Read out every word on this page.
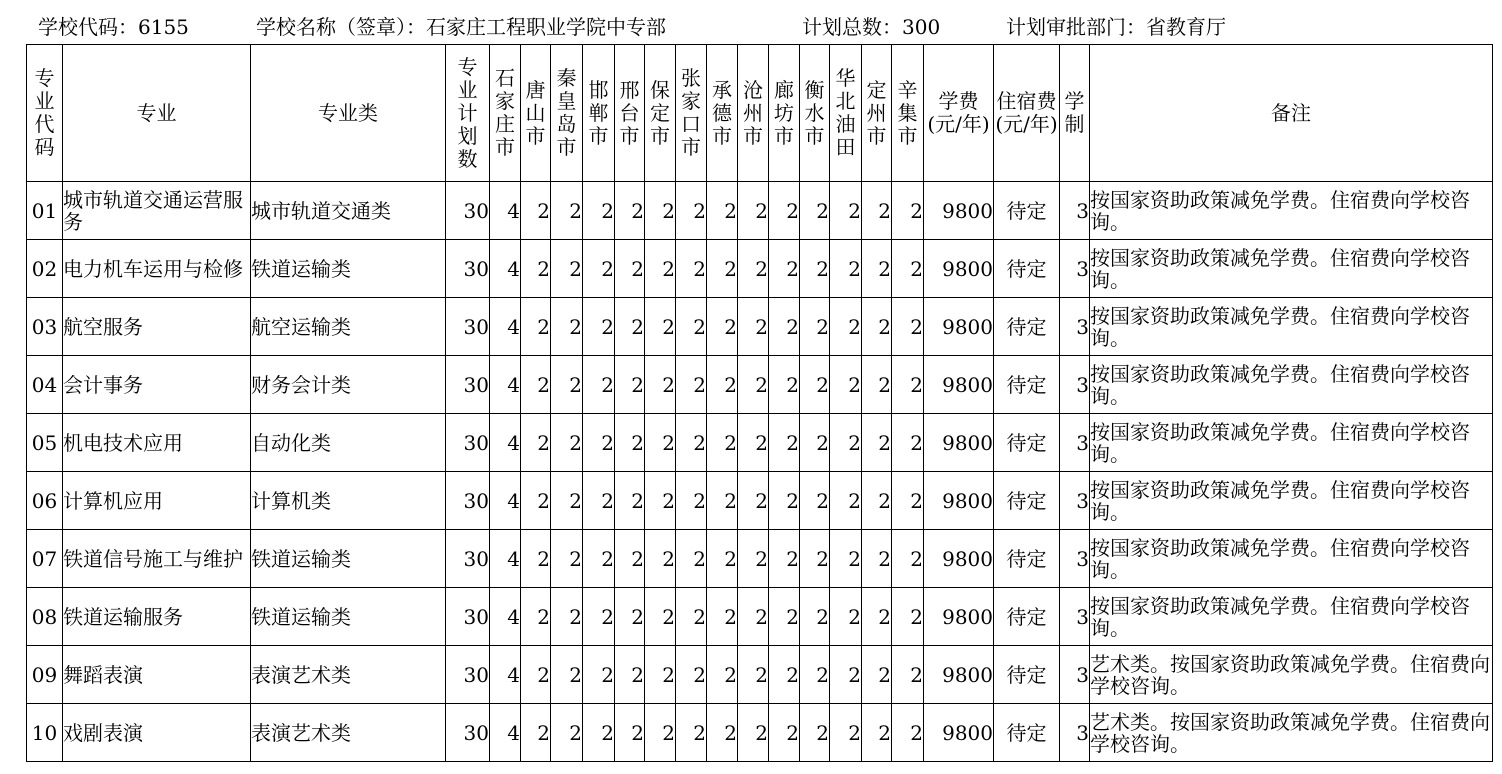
学校代码：6155	学校名称（签章）：石家庄工程职业学院中专部	计划总数：300	计划审批部门：省教育厅
专业代码	专业	专业类	专业计划数	石家庄市	唐山市	秦皇岛市	邯郸市	邢台市	保定市	张家口市	承德市	沧州市	廊坊市	衡水市	华北油田	定州市	辛集市	学费(元/年)	住宿费(元/年)	学制	备注
01	城市轨道交通运营服务	城市轨道交通类	30	4	2	2	2	2	2	2	2	2	2	2	2	2	2	9800	待定	3	按国家资助政策减免学费。住宿费向学校咨询。
02	电力机车运用与检修	铁道运输类	30	4	2	2	2	2	2	2	2	2	2	2	2	2	2	9800	待定	3	按国家资助政策减免学费。住宿费向学校咨询。
03	航空服务	航空运输类	30	4	2	2	2	2	2	2	2	2	2	2	2	2	2	9800	待定	3	按国家资助政策减免学费。住宿费向学校咨询。
04	会计事务	财务会计类	30	4	2	2	2	2	2	2	2	2	2	2	2	2	2	9800	待定	3	按国家资助政策减免学费。住宿费向学校咨询。
05	机电技术应用	自动化类	30	4	2	2	2	2	2	2	2	2	2	2	2	2	2	9800	待定	3	按国家资助政策减免学费。住宿费向学校咨询。
06	计算机应用	计算机类	30	4	2	2	2	2	2	2	2	2	2	2	2	2	2	9800	待定	3	按国家资助政策减免学费。住宿费向学校咨询。
07	铁道信号施工与维护	铁道运输类	30	4	2	2	2	2	2	2	2	2	2	2	2	2	2	9800	待定	3	按国家资助政策减免学费。住宿费向学校咨询。
08	铁道运输服务	铁道运输类	30	4	2	2	2	2	2	2	2	2	2	2	2	2	2	9800	待定	3	按国家资助政策减免学费。住宿费向学校咨询。
09	舞蹈表演	表演艺术类	30	4	2	2	2	2	2	2	2	2	2	2	2	2	2	9800	待定	3	艺术类。按国家资助政策减免学费。住宿费向学校咨询。
10	戏剧表演	表演艺术类	30	4	2	2	2	2	2	2	2	2	2	2	2	2	2	9800	待定	3	艺术类。按国家资助政策减免学费。住宿费向学校咨询。
